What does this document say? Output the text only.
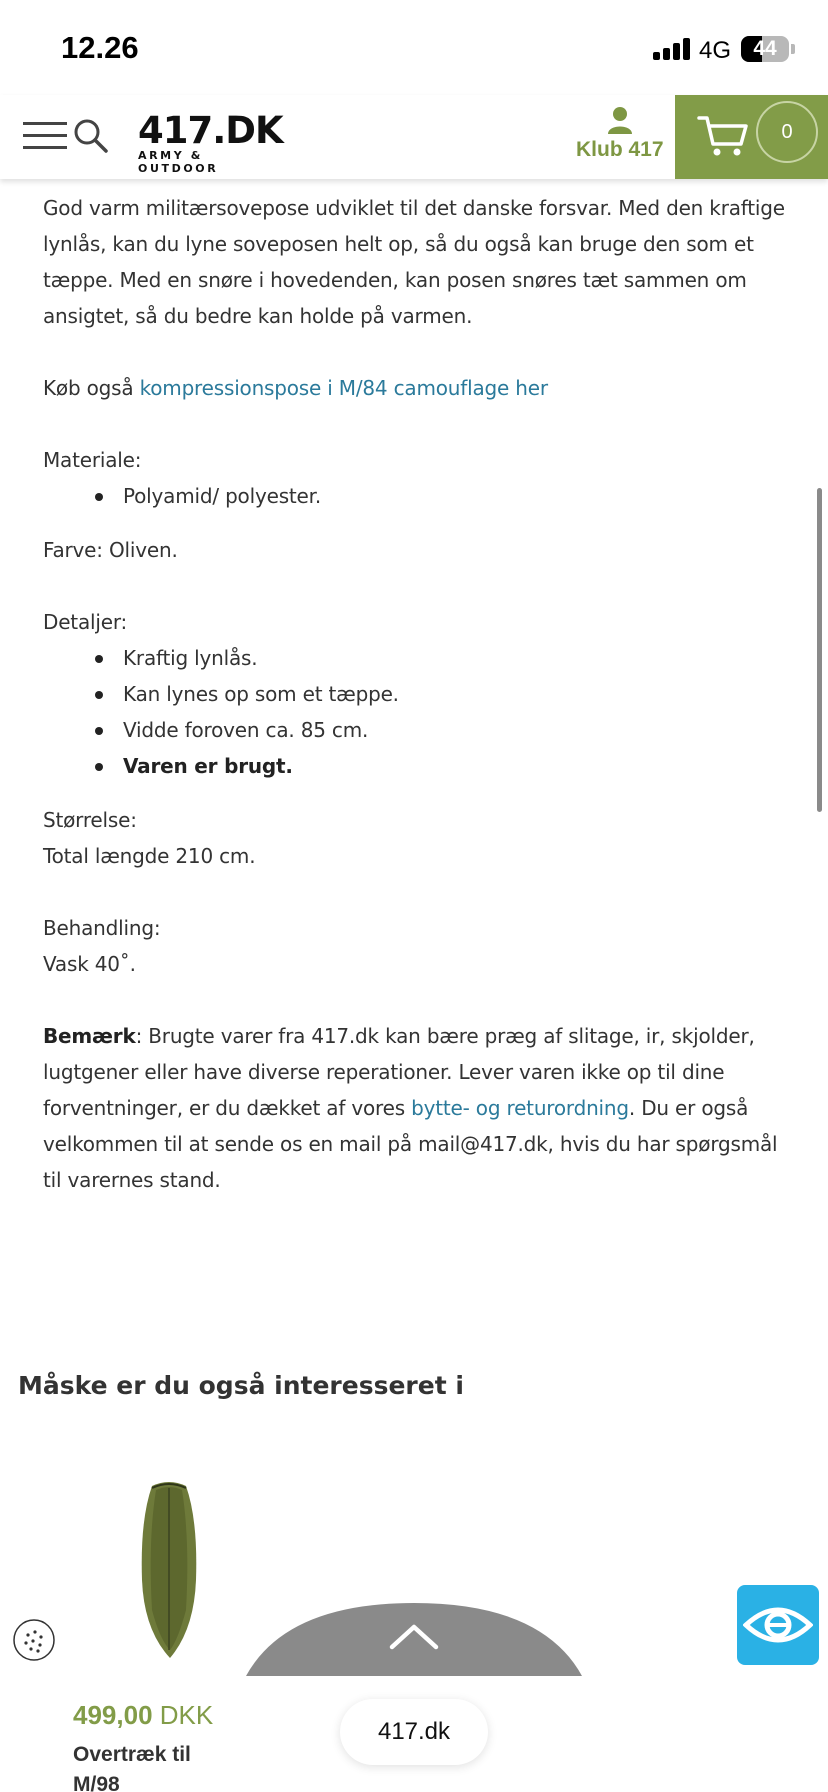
12.26	4G	44
417.DK
ARMY & OUTDOOR
Klub 417
0

God varm militærsovepose udviklet til det danske forsvar. Med den kraftige lynlås, kan du lyne soveposen helt op, så du også kan bruge den som et tæppe. Med en snøre i hovedenden, kan posen snøres tæt sammen om ansigtet, så du bedre kan holde på varmen.

Køb også kompressionspose i M/84 camouflage her

Materiale:

Polyamid/ polyester.

Farve: Oliven.

Detaljer:

Kraftig lynlås.
Kan lynes op som et tæppe.
Vidde foroven ca. 85 cm.
Varen er brugt.

Størrelse:

Total længde 210 cm.

Behandling:

Vask 40˚.

Bemærk: Brugte varer fra 417.dk kan bære præg af slitage, ir, skjolder, lugtgener eller have diverse reperationer. Lever varen ikke op til dine forventninger, er du dækket af vores bytte- og returordning. Du er også velkommen til at sende os en mail på mail@417.dk, hvis du har spørgsmål til varernes stand.

Måske er du også interesseret i
499,00 DKK
Overtræk til M/98
417.dk
